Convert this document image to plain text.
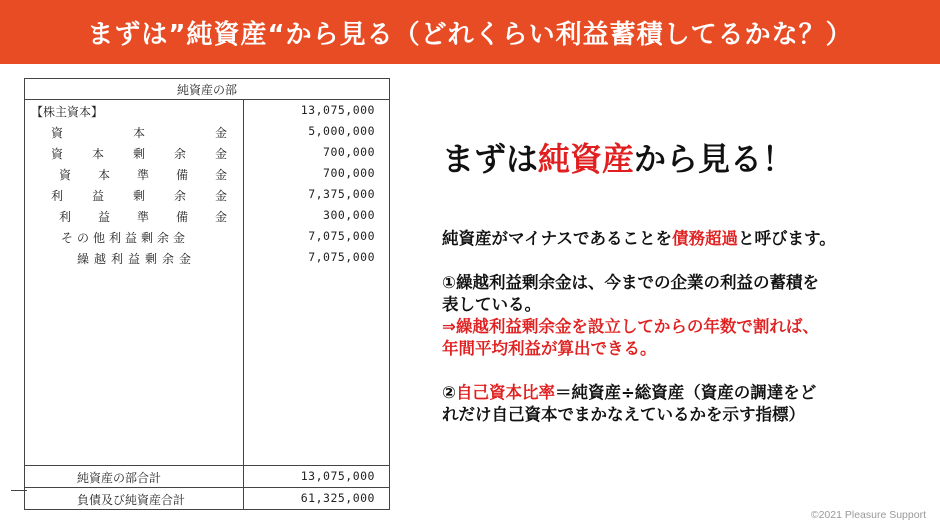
まずは”純資産“から見る（どれくらい利益蓄積してるかな？）
純資産の部
【株主資本】	13,075,000
資	本	金	5,000,000
資 本 剰 余 金	700,000
資 本 準 備 金	700,000
利 益 剰 余 金	7,375,000
利 益 準 備 金	300,000
その他利益剰余金	7,075,000
繰越利益剰余金	7,075,000
純資産の部合計	13,075,000
負債及び純資産合計	61,325,000
まずは純資産から見る！

純資産がマイナスであることを債務超過と呼びます。

①繰越利益剰余金は、今までの企業の利益の蓄積を
表している。
⇒繰越利益剰余金を設立してからの年数で割れば、
年間平均利益が算出できる。

②自己資本比率＝純資産÷総資産（資産の調達をど
れだけ自己資本でまかなえているかを示す指標）

©2021 Pleasure Support
